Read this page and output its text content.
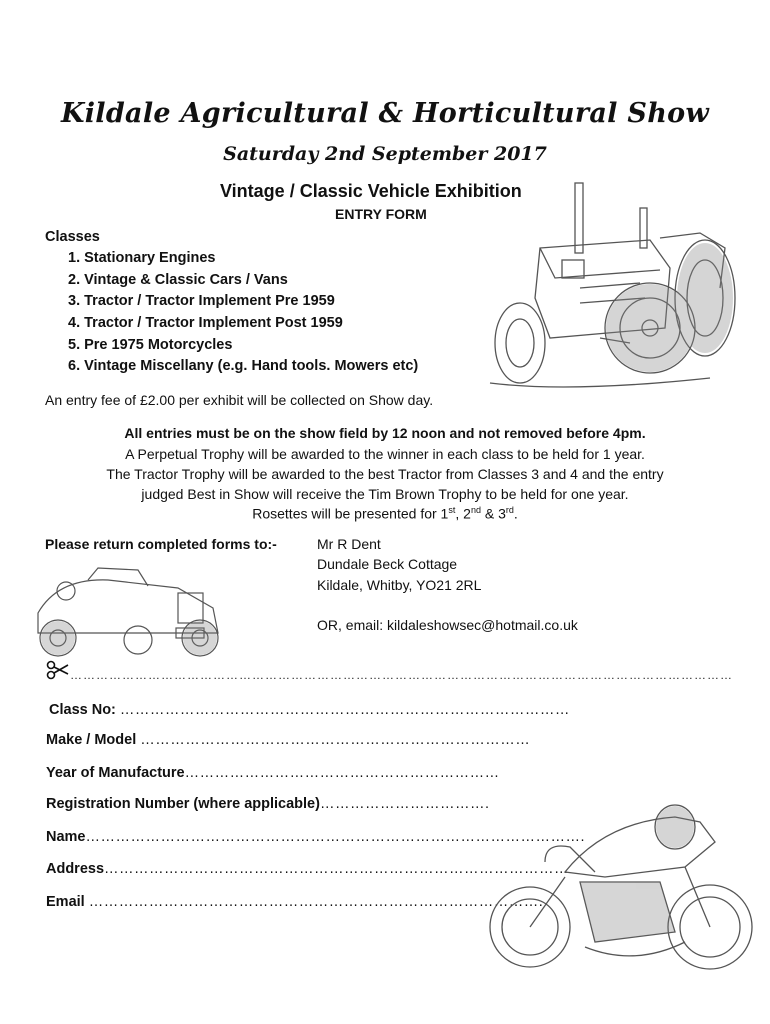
Kildale Agricultural & Horticultural Show
Saturday 2nd September 2017
Vintage / Classic Vehicle Exhibition
ENTRY FORM
Classes
1. Stationary Engines
2. Vintage & Classic Cars / Vans
3. Tractor / Tractor Implement Pre 1959
4. Tractor / Tractor Implement Post 1959
5. Pre 1975 Motorcycles
6. Vintage Miscellany (e.g. Hand tools. Mowers etc)
An entry fee of £2.00 per exhibit will be collected on Show day.
All entries must be on the show field by 12 noon and not removed before 4pm.
A Perpetual Trophy will be awarded to the winner in each class to be held for 1 year.
The Tractor Trophy will be awarded to the best Tractor from Classes 3 and 4 and the entry
judged Best in Show will receive the Tim Brown Trophy to be held for one year.
Rosettes will be presented for 1st, 2nd & 3rd.
Please return completed forms to:-	Mr R Dent
Dundale Beck Cottage
Kildale, Whitby, YO21 2RL
OR, email: kildaleshowsec@hotmail.co.uk
………………………………………………………………………………………………………………………………………
Class No: ………………………………………………………………………………
Make / Model ……………………………………………………………………
Year of Manufacture………………………………………………………
Registration Number (where applicable)…………………………….
Name……………………………………………………………………………………….
Address…………………………………………………………………………………
Email ……………………………………………………………………………….
